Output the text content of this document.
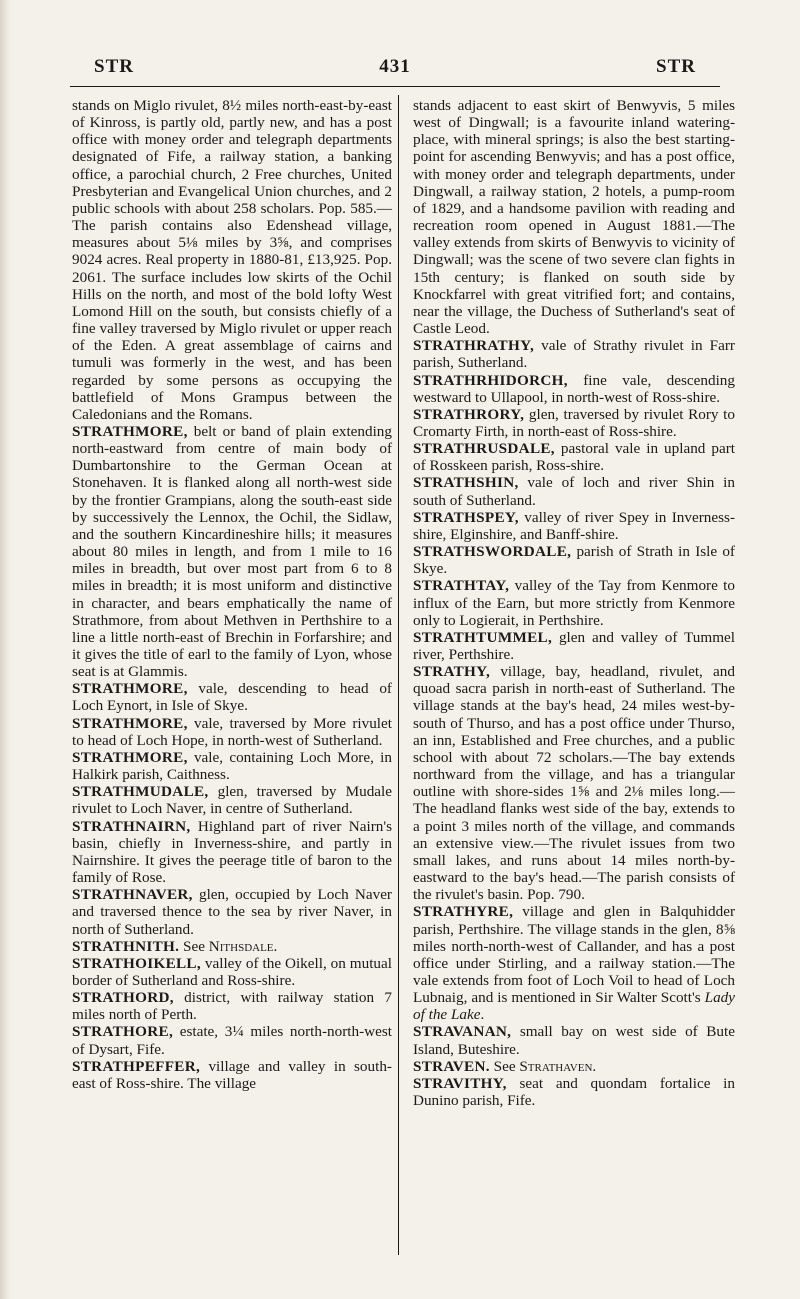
STR	431	STR

stands on Miglo rivulet, 8½ miles north-east-by-east of Kinross, is partly old, partly new, and has a post office with money order and telegraph departments designated of Fife, a railway station, a banking office, a parochial church, 2 Free churches, United Presbyterian and Evangelical Union churches, and 2 public schools with about 258 scholars. Pop. 585.—The parish contains also Edenshead village, measures about 5⅛ miles by 3⅝, and comprises 9024 acres. Real property in 1880-81, £13,925. Pop. 2061. The surface includes low skirts of the Ochil Hills on the north, and most of the bold lofty West Lomond Hill on the south, but consists chiefly of a fine valley traversed by Miglo rivulet or upper reach of the Eden. A great assemblage of cairns and tumuli was formerly in the west, and has been regarded by some persons as occupying the battlefield of Mons Grampus between the Caledonians and the Romans.

STRATHMORE, belt or band of plain extending north-eastward from centre of main body of Dumbartonshire to the German Ocean at Stonehaven. It is flanked along all north-west side by the frontier Grampians, along the south-east side by successively the Lennox, the Ochil, the Sidlaw, and the southern Kincardineshire hills; it measures about 80 miles in length, and from 1 mile to 16 miles in breadth, but over most part from 6 to 8 miles in breadth; it is most uniform and distinctive in character, and bears emphatically the name of Strathmore, from about Methven in Perthshire to a line a little north-east of Brechin in Forfarshire; and it gives the title of earl to the family of Lyon, whose seat is at Glammis.

STRATHMORE, vale, descending to head of Loch Eynort, in Isle of Skye.

STRATHMORE, vale, traversed by More rivulet to head of Loch Hope, in north-west of Sutherland.

STRATHMORE, vale, containing Loch More, in Halkirk parish, Caithness.

STRATHMUDALE, glen, traversed by Mudale rivulet to Loch Naver, in centre of Sutherland.

STRATHNAIRN, Highland part of river Nairn's basin, chiefly in Inverness-shire, and partly in Nairnshire. It gives the peerage title of baron to the family of Rose.

STRATHNAVER, glen, occupied by Loch Naver and traversed thence to the sea by river Naver, in north of Sutherland.

STRATHNITH. See Nithsdale.

STRATHOIKELL, valley of the Oikell, on mutual border of Sutherland and Ross-shire.

STRATHORD, district, with railway station 7 miles north of Perth.

STRATHORE, estate, 3¼ miles north-north-west of Dysart, Fife.

STRATHPEFFER, village and valley in south-east of Ross-shire. The village

stands adjacent to east skirt of Benwyvis, 5 miles west of Dingwall; is a favourite inland watering-place, with mineral springs; is also the best starting-point for ascending Benwyvis; and has a post office, with money order and telegraph departments, under Dingwall, a railway station, 2 hotels, a pump-room of 1829, and a handsome pavilion with reading and recreation room opened in August 1881.—The valley extends from skirts of Benwyvis to vicinity of Dingwall; was the scene of two severe clan fights in 15th century; is flanked on south side by Knockfarrel with great vitrified fort; and contains, near the village, the Duchess of Sutherland's seat of Castle Leod.

STRATHRATHY, vale of Strathy rivulet in Farr parish, Sutherland.

STRATHRHIDORCH, fine vale, descending westward to Ullapool, in north-west of Ross-shire.

STRATHRORY, glen, traversed by rivulet Rory to Cromarty Firth, in north-east of Ross-shire.

STRATHRUSDALE, pastoral vale in upland part of Rosskeen parish, Ross-shire.

STRATHSHIN, vale of loch and river Shin in south of Sutherland.

STRATHSPEY, valley of river Spey in Inverness-shire, Elginshire, and Banff-shire.

STRATHSWORDALE, parish of Strath in Isle of Skye.

STRATHTAY, valley of the Tay from Kenmore to influx of the Earn, but more strictly from Kenmore only to Logierait, in Perthshire.

STRATHTUMMEL, glen and valley of Tummel river, Perthshire.

STRATHY, village, bay, headland, rivulet, and quoad sacra parish in north-east of Sutherland. The village stands at the bay's head, 24 miles west-by-south of Thurso, and has a post office under Thurso, an inn, Established and Free churches, and a public school with about 72 scholars.—The bay extends northward from the village, and has a triangular outline with shore-sides 1⅝ and 2⅛ miles long.—The headland flanks west side of the bay, extends to a point 3 miles north of the village, and commands an extensive view.—The rivulet issues from two small lakes, and runs about 14 miles north-by-eastward to the bay's head.—The parish consists of the rivulet's basin. Pop. 790.

STRATHYRE, village and glen in Balquhidder parish, Perthshire. The village stands in the glen, 8⅝ miles north-north-west of Callander, and has a post office under Stirling, and a railway station.—The vale extends from foot of Loch Voil to head of Loch Lubnaig, and is mentioned in Sir Walter Scott's Lady of the Lake.

STRAVANAN, small bay on west side of Bute Island, Buteshire.

STRAVEN. See Strathaven.

STRAVITHY, seat and quondam fortalice in Dunino parish, Fife.
